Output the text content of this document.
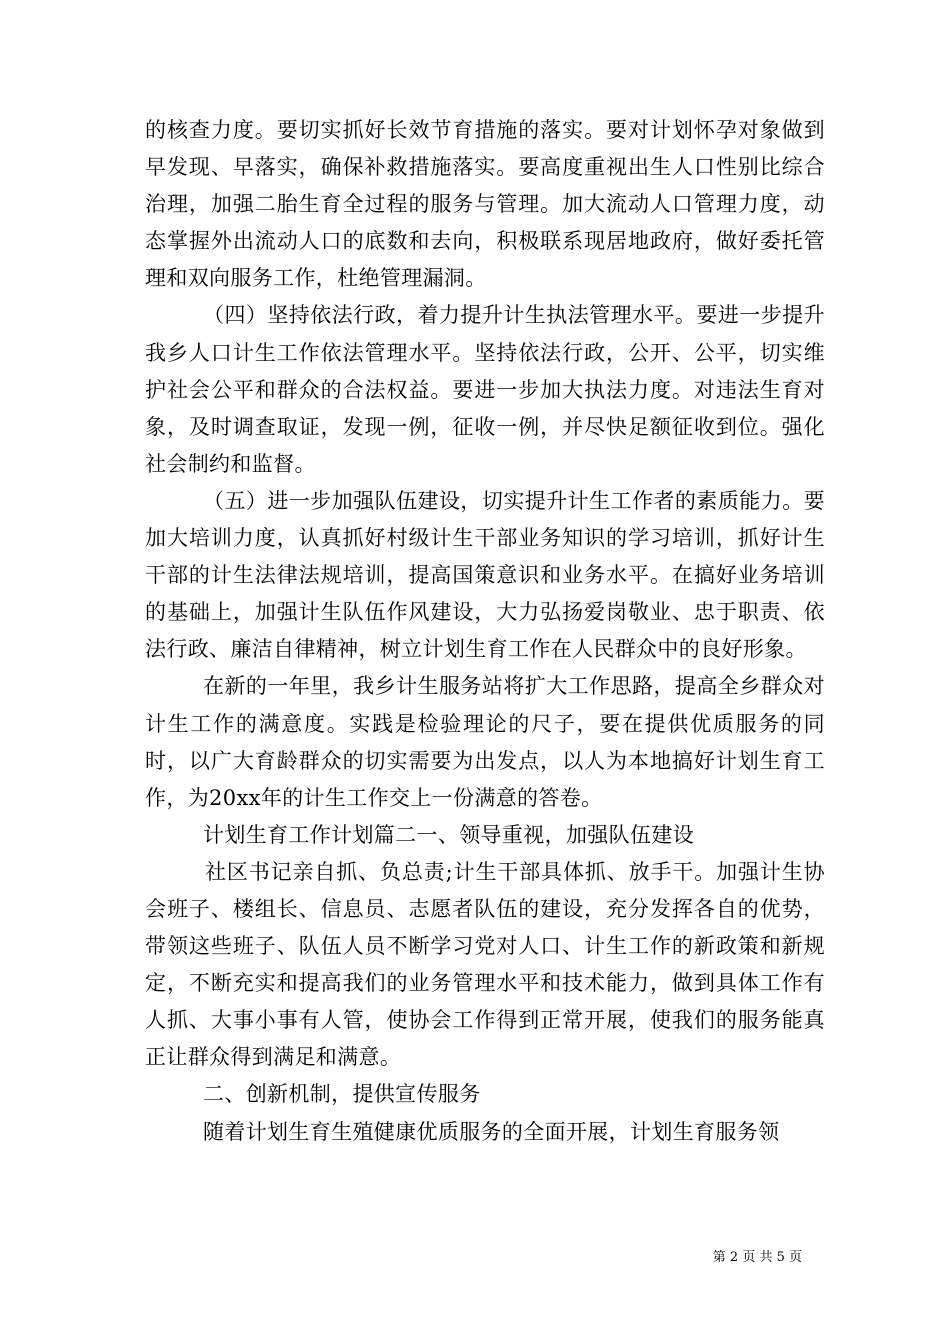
的核查力度。要切实抓好长效节育措施的落实。要对计划怀孕对象做到早发现、早落实，确保补救措施落实。要高度重视出生人口性别比综合治理，加强二胎生育全过程的服务与管理。加大流动人口管理力度，动态掌握外出流动人口的底数和去向，积极联系现居地政府，做好委托管理和双向服务工作，杜绝管理漏洞。

（四）坚持依法行政，着力提升计生执法管理水平。要进一步提升我乡人口计生工作依法管理水平。坚持依法行政，公开、公平，切实维护社会公平和群众的合法权益。要进一步加大执法力度。对违法生育对象，及时调查取证，发现一例，征收一例，并尽快足额征收到位。强化社会制约和监督。

（五）进一步加强队伍建设，切实提升计生工作者的素质能力。要加大培训力度，认真抓好村级计生干部业务知识的学习培训，抓好计生干部的计生法律法规培训，提高国策意识和业务水平。在搞好业务培训的基础上，加强计生队伍作风建设，大力弘扬爱岗敬业、忠于职责、依法行政、廉洁自律精神，树立计划生育工作在人民群众中的良好形象。

在新的一年里，我乡计生服务站将扩大工作思路，提高全乡群众对计生工作的满意度。实践是检验理论的尺子，要在提供优质服务的同时，以广大育龄群众的切实需要为出发点，以人为本地搞好计划生育工作，为20xx年的计生工作交上一份满意的答卷。

计划生育工作计划篇二一、领导重视，加强队伍建设

社区书记亲自抓、负总责;计生干部具体抓、放手干。加强计生协会班子、楼组长、信息员、志愿者队伍的建设，充分发挥各自的优势，带领这些班子、队伍人员不断学习党对人口、计生工作的新政策和新规定，不断充实和提高我们的业务管理水平和技术能力，做到具体工作有人抓、大事小事有人管，使协会工作得到正常开展，使我们的服务能真正让群众得到满足和满意。

二、创新机制，提供宣传服务

随着计划生育生殖健康优质服务的全面开展，计划生育服务领

第 2 页 共 5 页
